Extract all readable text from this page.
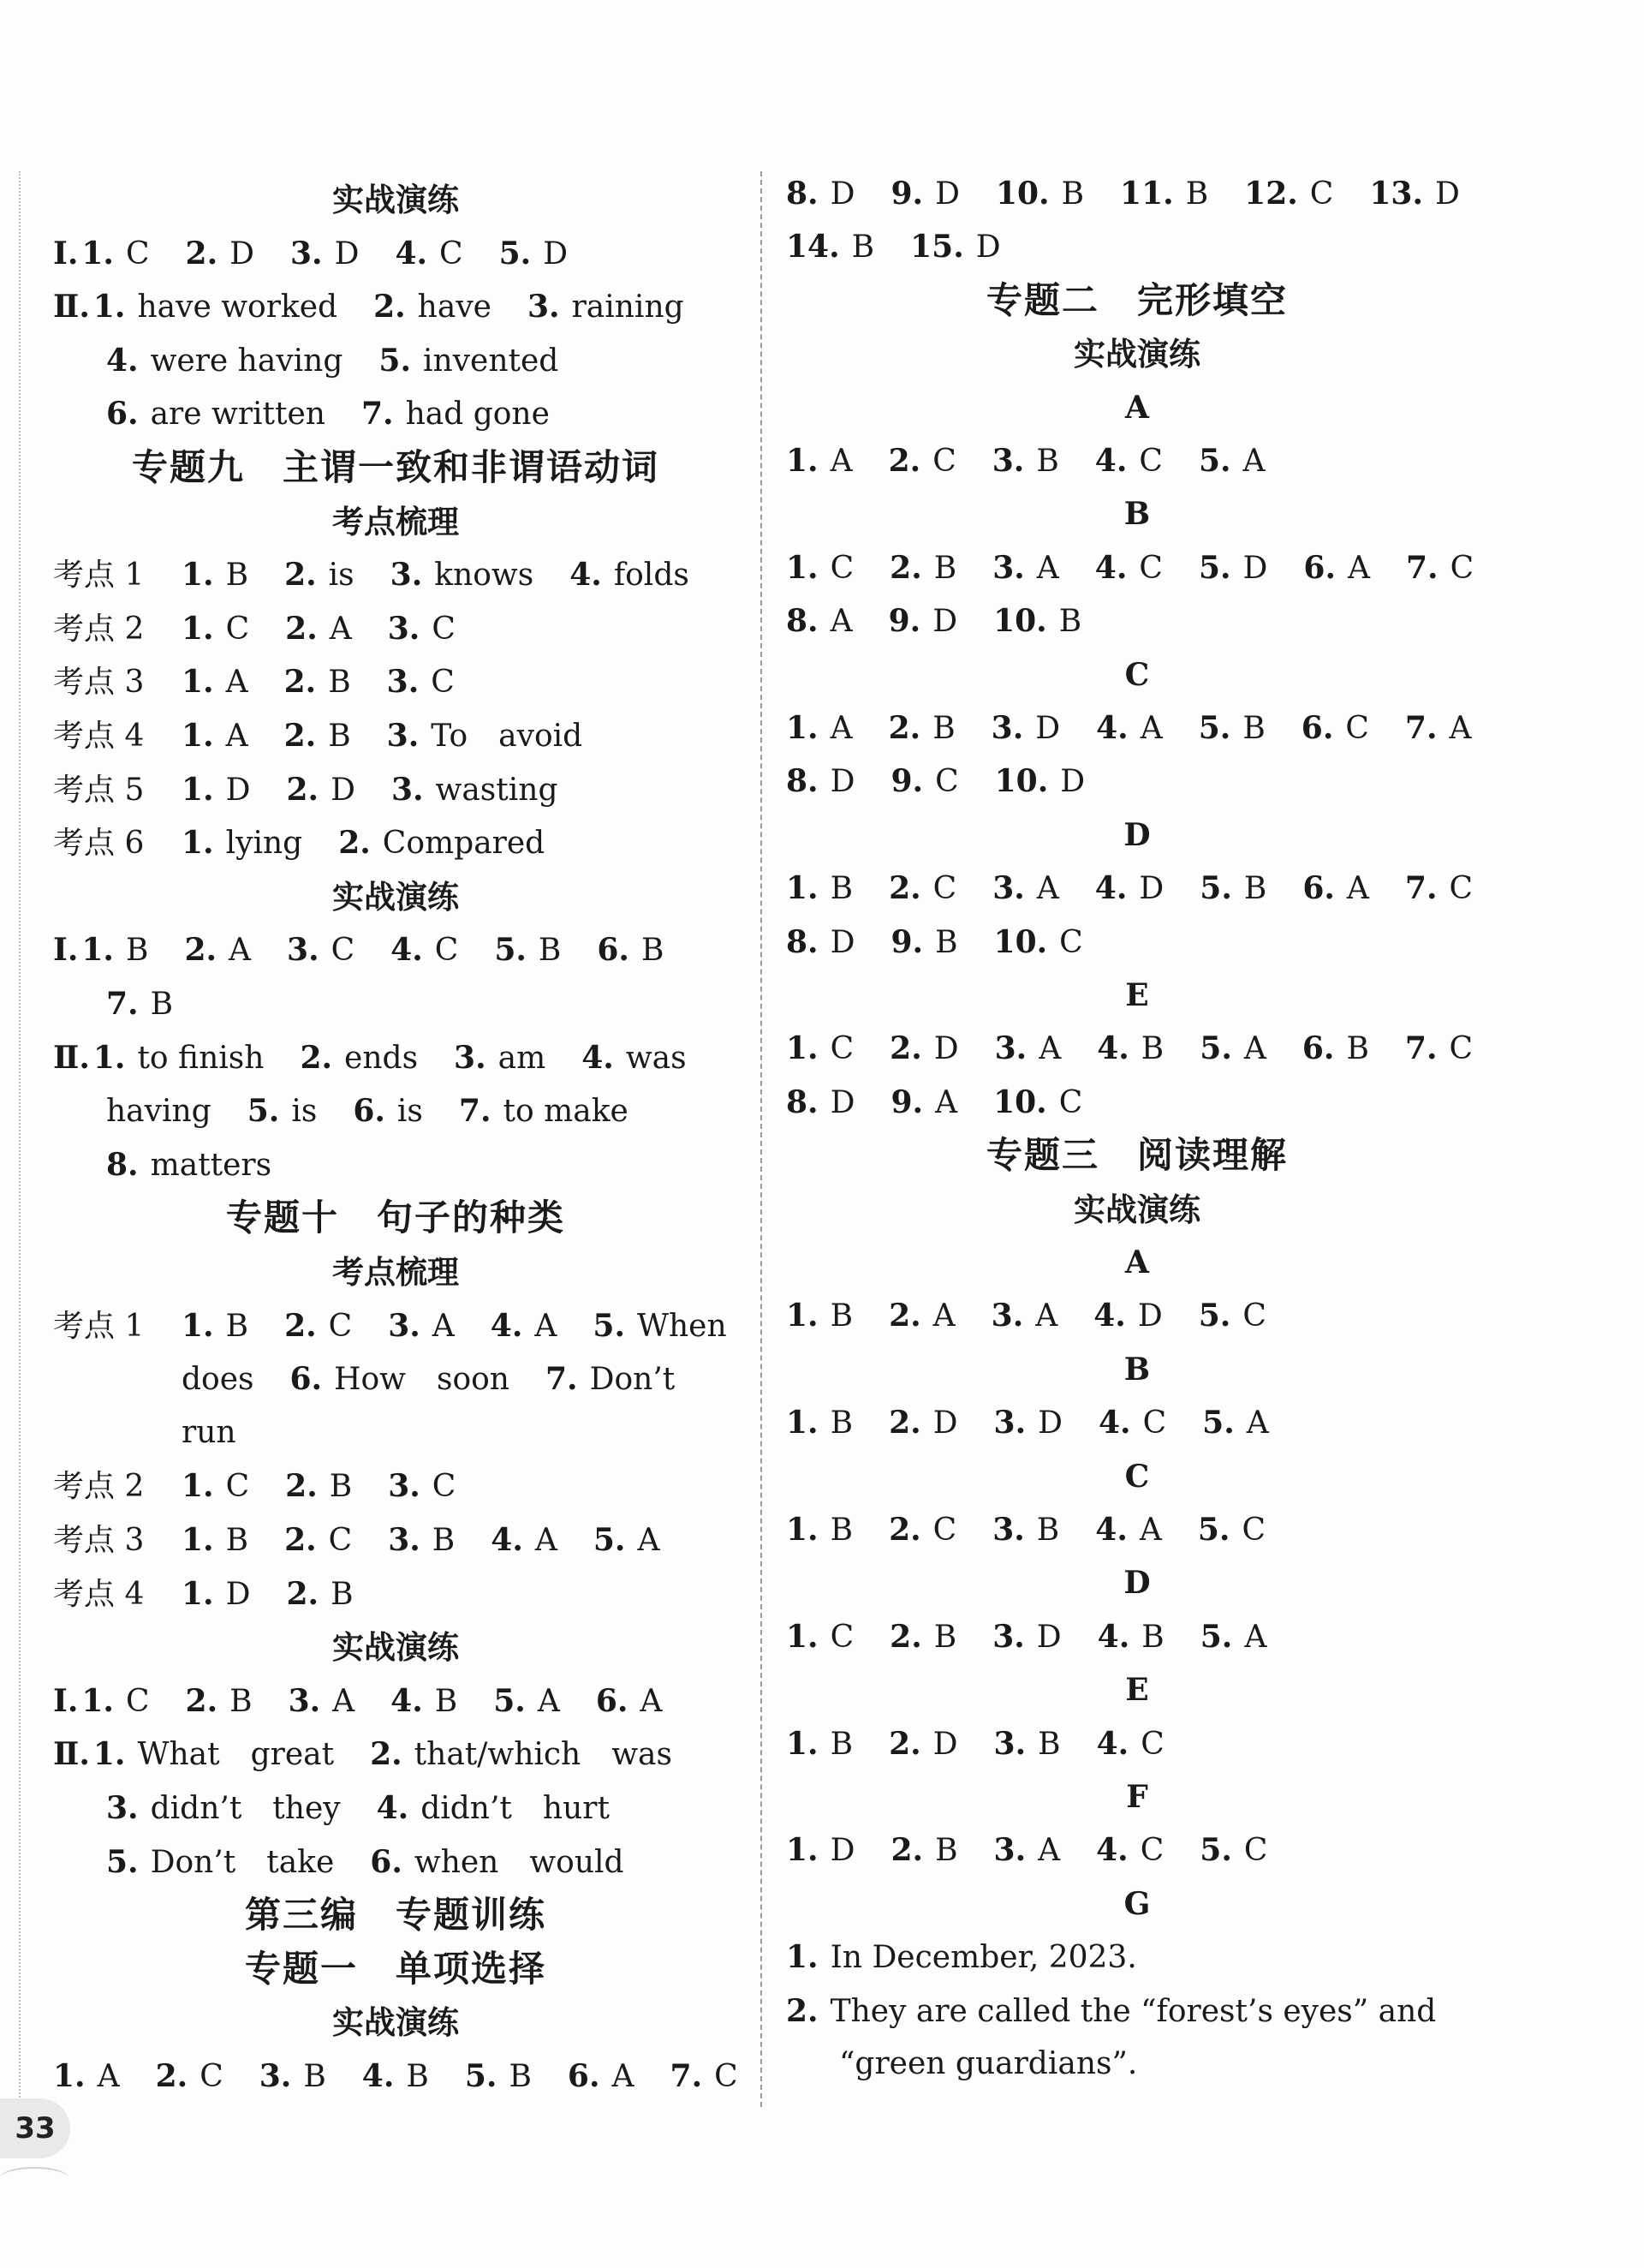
实战演练
Ⅰ. 1. C 2. D 3. D 4. C 5. D
Ⅱ. 1. have worked 2. have 3. raining
4. were having 5. invented
6. are written 7. had gone
专题九　主谓一致和非谓语动词
考点梳理
考点 1 1. B 2. is 3. knows 4. folds
考点 2 1. C 2. A 3. C
考点 3 1. A 2. B 3. C
考点 4 1. A 2. B 3. To　avoid
考点 5 1. D 2. D 3. wasting
考点 6 1. lying 2. Compared
实战演练
Ⅰ. 1. B 2. A 3. C 4. C 5. B 6. B
7. B
Ⅱ. 1. to finish 2. ends 3. am 4. was
having 5. is 6. is 7. to make
8. matters
专题十　句子的种类
考点梳理
考点 1 1. B 2. C 3. A 4. A 5. When
does 6. How　soon 7. Don’t
run
考点 2 1. C 2. B 3. C
考点 3 1. B 2. C 3. B 4. A 5. A
考点 4 1. D 2. B
实战演练
Ⅰ. 1. C 2. B 3. A 4. B 5. A 6. A
Ⅱ. 1. What　great 2. that/which　was
3. didn’t　they 4. didn’t　hurt
5. Don’t　take 6. when　would
第三编　专题训练
专题一　单项选择
实战演练
1. A 2. C 3. B 4. B 5. B 6. A 7. C
8. D 9. D 10. B 11. B 12. C 13. D
14. B 15. D
专题二　完形填空
实战演练
A
1. A 2. C 3. B 4. C 5. A
B
1. C 2. B 3. A 4. C 5. D 6. A 7. C
8. A 9. D 10. B
C
1. A 2. B 3. D 4. A 5. B 6. C 7. A
8. D 9. C 10. D
D
1. B 2. C 3. A 4. D 5. B 6. A 7. C
8. D 9. B 10. C
E
1. C 2. D 3. A 4. B 5. A 6. B 7. C
8. D 9. A 10. C
专题三　阅读理解
实战演练
A
1. B 2. A 3. A 4. D 5. C
B
1. B 2. D 3. D 4. C 5. A
C
1. B 2. C 3. B 4. A 5. C
D
1. C 2. B 3. D 4. B 5. A
E
1. B 2. D 3. B 4. C
F
1. D 2. B 3. A 4. C 5. C
G
1. In December, 2023.
2. They are called the “forest’s eyes” and
“green guardians”.
33
